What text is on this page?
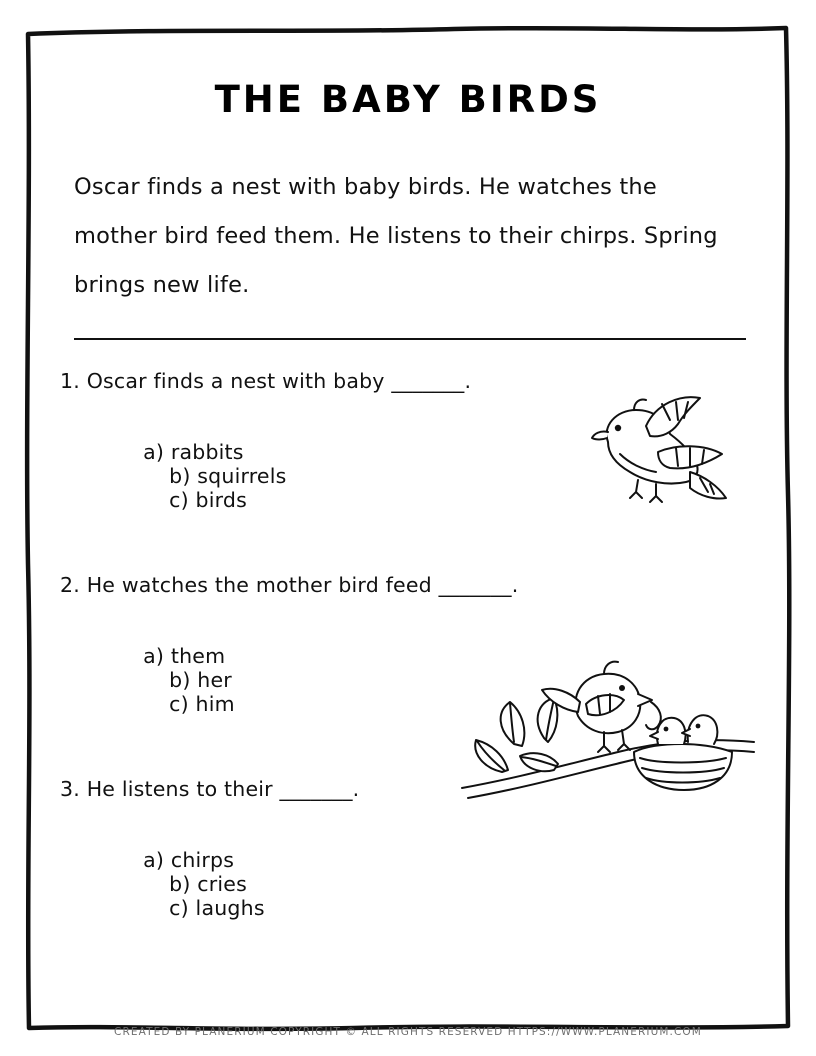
THE BABY BIRDS
Oscar finds a nest with baby birds. He watches the mother bird feed them. He listens to their chirps. Spring brings new life.
1. Oscar finds a nest with baby _______.

a) rabbits
b) squirrels
c) birds

2. He watches the mother bird feed _______.

a) them
b) her
c) him

3. He listens to their _______.

a) chirps
b) cries
c) laughs

CREATED BY PLANERIUM COPYRIGHT © ALL RIGHTS RESERVED HTTPS://WWW.PLANERIUM.COM
